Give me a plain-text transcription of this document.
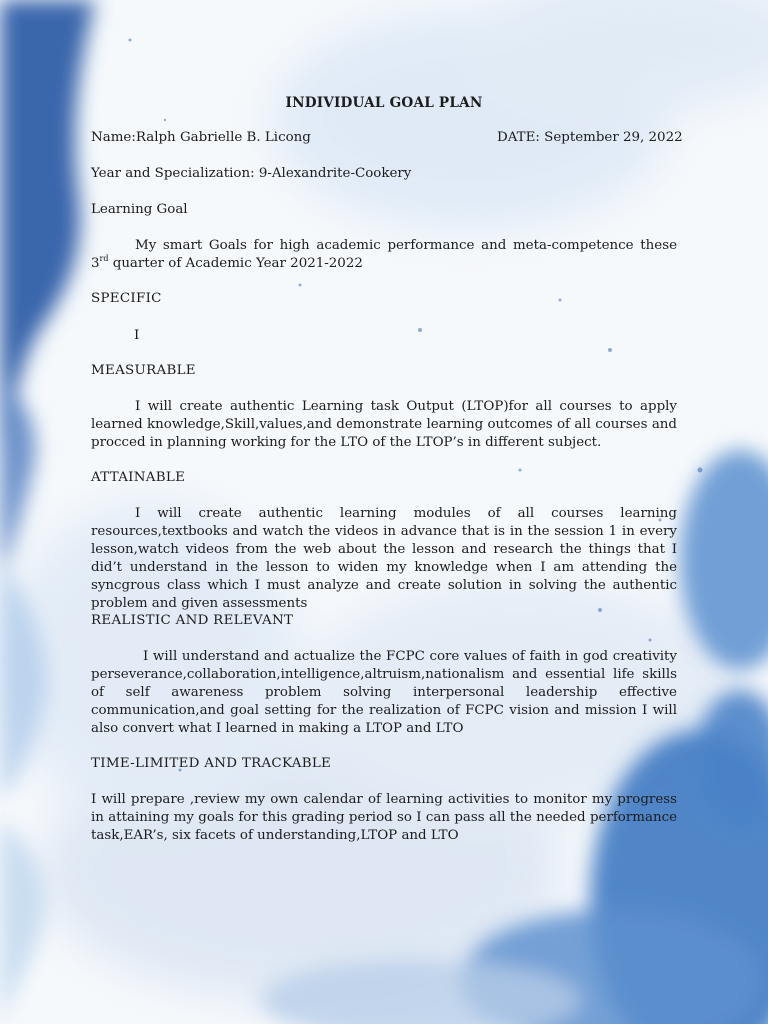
INDIVIDUAL GOAL PLAN

Name:Ralph Gabrielle B. Licong	DATE: September 29, 2022

Year and Specialization: 9-Alexandrite-Cookery

Learning Goal

My smart Goals for high academic performance and meta-competence these 3rd quarter of Academic Year 2021-2022

SPECIFIC

I

MEASURABLE

I will create authentic Learning task Output (LTOP)for all courses to apply learned knowledge,Skill,values,and demonstrate learning outcomes of all courses and procced in planning working for the LTO of the LTOP’s in different subject.

ATTAINABLE

I will create authentic learning modules of all courses learning resources,textbooks and watch the videos in advance that is in the session 1 in every lesson,watch videos from the web about the lesson and research the things that I did’t understand in the lesson to widen my knowledge when I am attending the syncgrous class which I must analyze and create solution in solving the authentic problem and given assessments

REALISTIC AND RELEVANT

I will understand and actualize the FCPC core values of faith in god creativity perseverance,collaboration,intelligence,altruism,nationalism and essential life skills of self awareness problem solving interpersonal leadership effective communication,and goal setting for the realization of FCPC vision and mission I will also convert what I learned in making a LTOP and LTO

TIME-LIMITED AND TRACKABLE

I will prepare ,review my own calendar of learning activities to monitor my progress in attaining my goals for this grading period so I can pass all the needed performance task,EAR’s, six facets of understanding,LTOP and LTO
